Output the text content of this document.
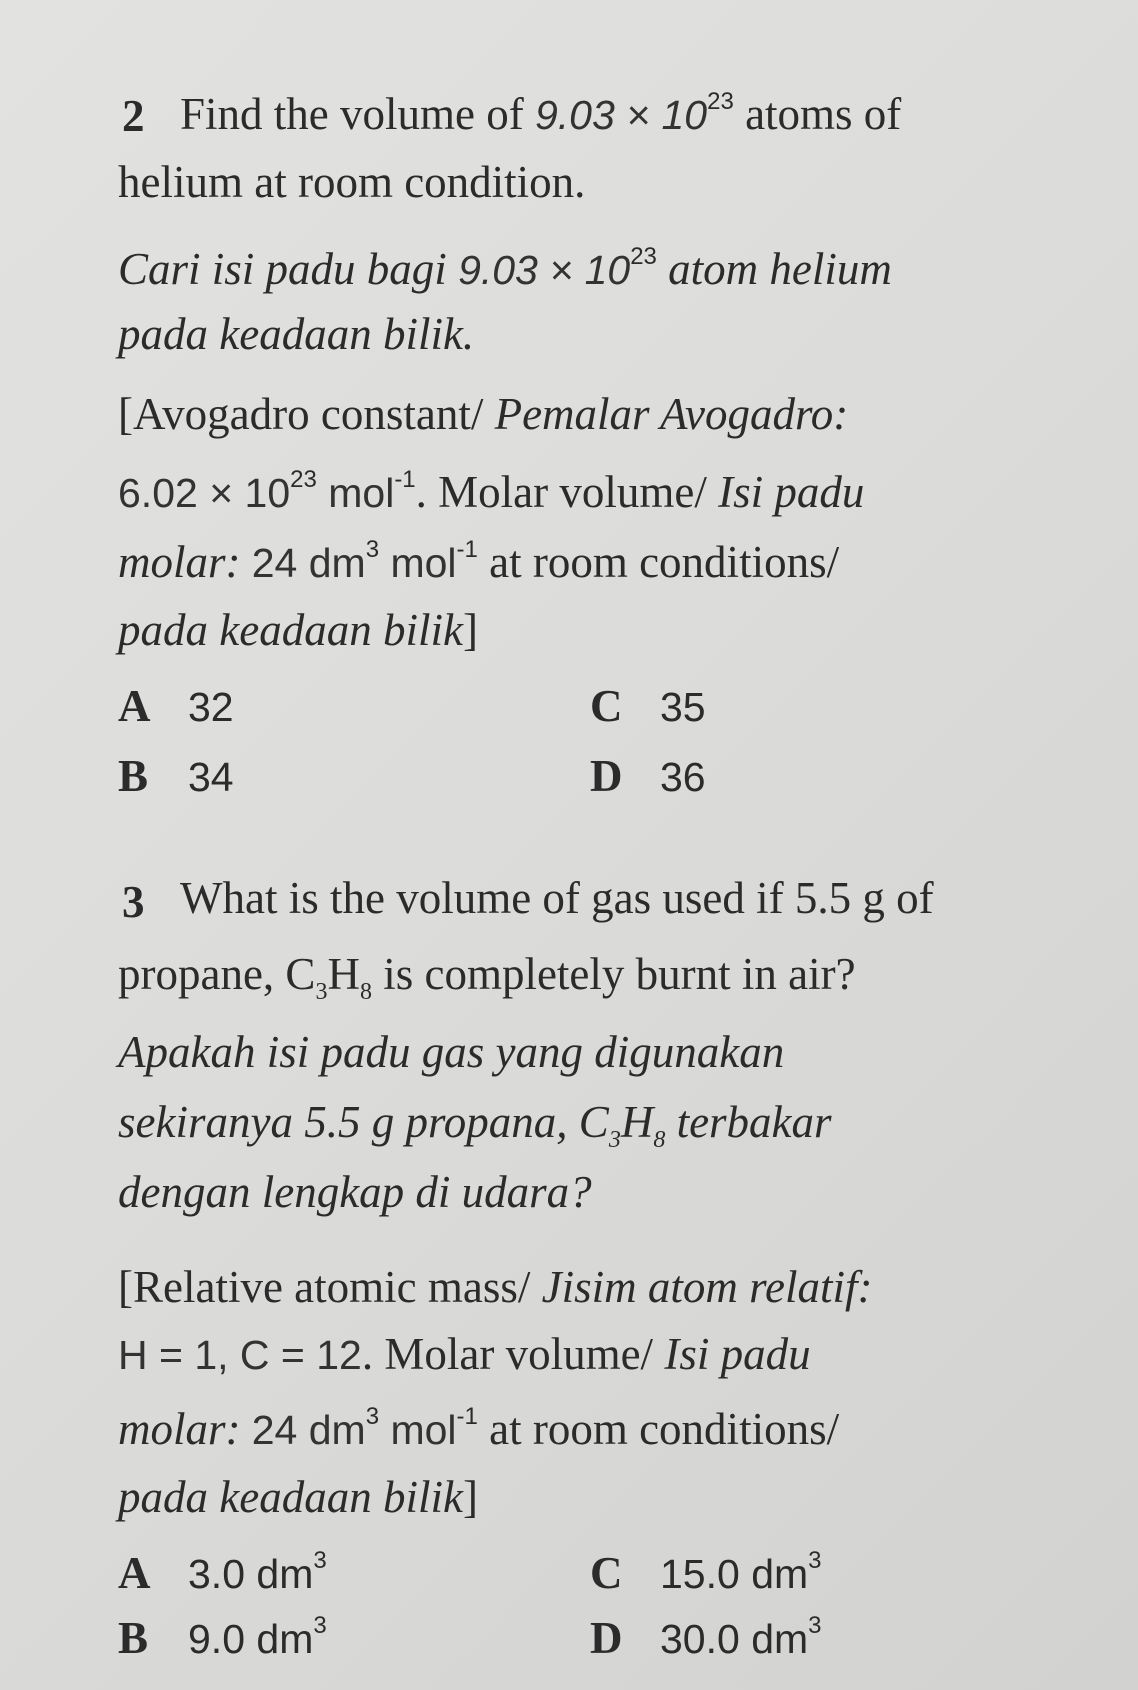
2 Find the volume of $9.03 \times 10^{23}$ atoms of
helium at room condition.
Cari isi padu bagi $9.03 \times 10^{23}$ atom helium
pada keadaan bilik.
[Avogadro constant/ Pemalar Avogadro:
$6.02 \times 10^{23}$ mol$^{-1}$. Molar volume/ Isi padu
molar: 24 $dm^3$ mol$^{-1}$ at room conditions/
pada keadaan bilik]
A 32
B 34
C 35
D 36
3 What is the volume of gas used if 5.5 g of
propane, $C_3H_8$ is completely burnt in air?
Apakah isi padu gas yang digunakan
sekiranya 5.5 g propana, $C_3H_8$ terbakar
dengan lengkap di udara?
[Relative atomic mass/ Jisim atom relatif:
H = 1, C = 12. Molar volume/ Isi padu
molar: 24 $dm^3$ mol$^{-1}$ at room conditions/
pada keadaan bilik]
A 3.0 $dm^3$
B 9.0 $dm^3$
C 15.0 $dm^3$
D 30.0 $dm^3$
